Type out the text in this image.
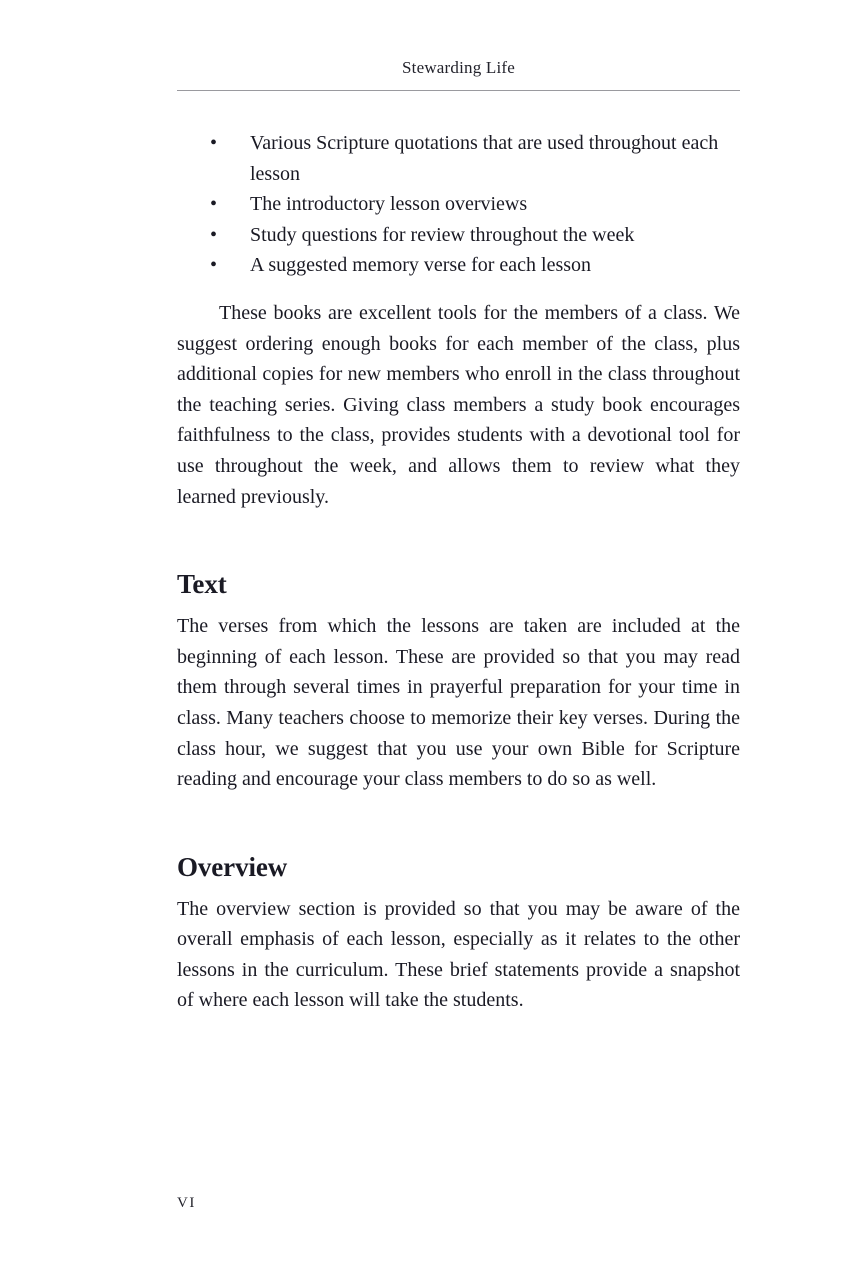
Stewarding Life
• Various Scripture quotations that are used throughout each lesson
• The introductory lesson overviews
• Study questions for review throughout the week
• A suggested memory verse for each lesson

These books are excellent tools for the members of a class. We suggest ordering enough books for each member of the class, plus additional copies for new members who enroll in the class throughout the teaching series. Giving class members a study book encourages faithfulness to the class, provides students with a devotional tool for use throughout the week, and allows them to review what they learned previously.

Text

The verses from which the lessons are taken are included at the beginning of each lesson. These are provided so that you may read them through several times in prayerful preparation for your time in class. Many teachers choose to memorize their key verses. During the class hour, we suggest that you use your own Bible for Scripture reading and encourage your class members to do so as well.

Overview

The overview section is provided so that you may be aware of the overall emphasis of each lesson, especially as it relates to the other lessons in the curriculum. These brief statements provide a snapshot of where each lesson will take the students.

VI
